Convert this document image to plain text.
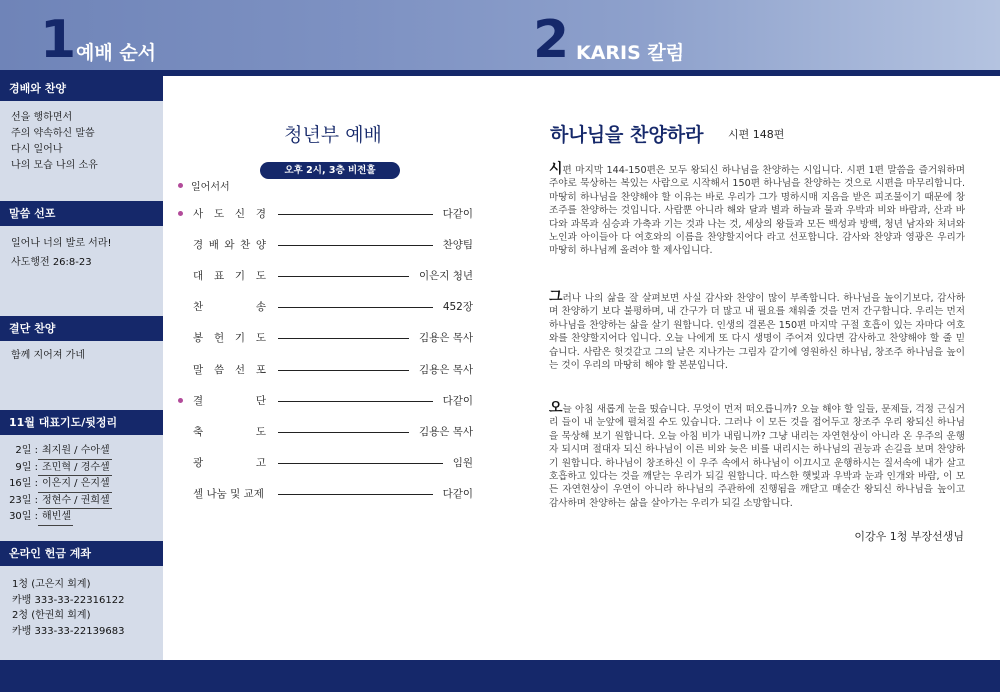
1 예배 순서	2 KARIS 칼럼
경배와 찬양
선을 행하면서
주의 약속하신 말씀
다시 일어나
나의 모습 나의 소유
말씀 선포
일어나 너의 발로 서라!
사도행전 26:8-23
결단 찬양
함께 지어져 가네
11월 대표기도/뒷정리
2일 : 최지원 / 수아셀
9일 : 조민혁 / 경수셀
16일 : 이은지 / 은지셀
23일 : 정현수 / 권희셀
30일 : 해빈셀
온라인 헌금 계좌
1청 (고은지 회계)
카뱅 333-33-22316122
2청 (한권희 회계)
카뱅 333-33-22139683
청년부 예배
오후 2시, 3층 비전홀
일어서서
사 도 신 경	다같이
경 배 와 찬 양	찬양팀
대 표 기 도	이은지 청년
찬	송	452장
봉 헌 기 도	김용은 목사
말 씀 선 포	김용은 목사
결	단	다같이
축	도	김용은 목사
광	고	임원
셀 나눔 및 교제	다같이
하나님을 찬양하라 시편 148편
시편 마지막 144-150편은 모두 왕되신 하나님을 찬양하는 시입니다. 시편 1편 말씀을 즐거워하며 주야로 묵상하는 복있는 사람으로 시작해서 150편 하나님을 찬양하는 것으로 시편을 마무리합니다. 마땅히 하나님을 찬양해야 할 이유는 바로 우리가 그가 명하시매 지음을 받은 피조물이기 때문에 창조주를 찬양하는 것입니다. 사람뿐 아니라 해와 달과 별과 하늘과 물과 우박과 비와 바람과, 산과 바다와 과목과 심승과 가축과 기는 것과 나는 것, 세상의 왕들과 모든 백성과 방백, 청년 남자와 처녀와 노인과 아이들아 다 여호와의 이름을 찬양할지어다 라고 선포합니다. 감사와 찬양과 영광은 우리가 마땅히 하나님께 올려야 할 제사입니다.
그러나 나의 삶을 잘 살펴보면 사실 감사와 찬양이 많이 부족합니다. 하나님을 높이기보다, 감사하며 찬양하기 보다 불평하며, 내 간구가 더 많고 내 필요를 채워줄 것을 먼저 간구합니다. 우리는 먼저 하나님을 찬양하는 삶을 살기 원합니다. 인생의 결론은 150편 마지막 구절 호흡이 있는 자마다 여호와를 찬양할지어다 입니다. 오늘 나에게 또 다시 생명이 주어져 있다면 감사하고 찬양해야 할 줄 믿습니다. 사람은 헛것같고 그의 날은 지나가는 그림자 같기에 영원하신 하나님, 창조주 하나님을 높이는 것이 우리의 마땅히 해야 할 본분입니다.
오늘 아침 새롭게 눈을 떴습니다. 무엇이 먼저 떠오릅니까? 오늘 해야 할 일들, 문제들, 걱정 근심거리 들이 내 눈앞에 펼쳐질 수도 있습니다. 그러나 이 모든 것을 접어두고 창조주 우리 왕되신 하나님을 묵상해 보기 원합니다. 오늘 아침 비가 내립니까? 그냥 내리는 자연현상이 아니라 온 우주의 운행자 되시며 절대자 되신 하나님이 이른 비와 늦은 비를 내리시는 하나님의 권능과 손길을 보며 찬양하기 원합니다. 하나님이 창조하신 이 우주 속에서 하나님이 이끄시고 운행하시는 질서속에 내가 살고 호흡하고 있다는 것을 깨닫는 우리가 되길 원합니다. 따스한 햇빛과 우박과 눈과 인개와 바람, 이 모든 자연현상이 우연이 아니라 하나님의 주관하에 진행됨을 깨닫고 매순간 왕되신 하나님을 높이고 감사하며 찬양하는 삶을 살아가는 우리가 되길 소망합니다.
이강우 1청 부장선생님
